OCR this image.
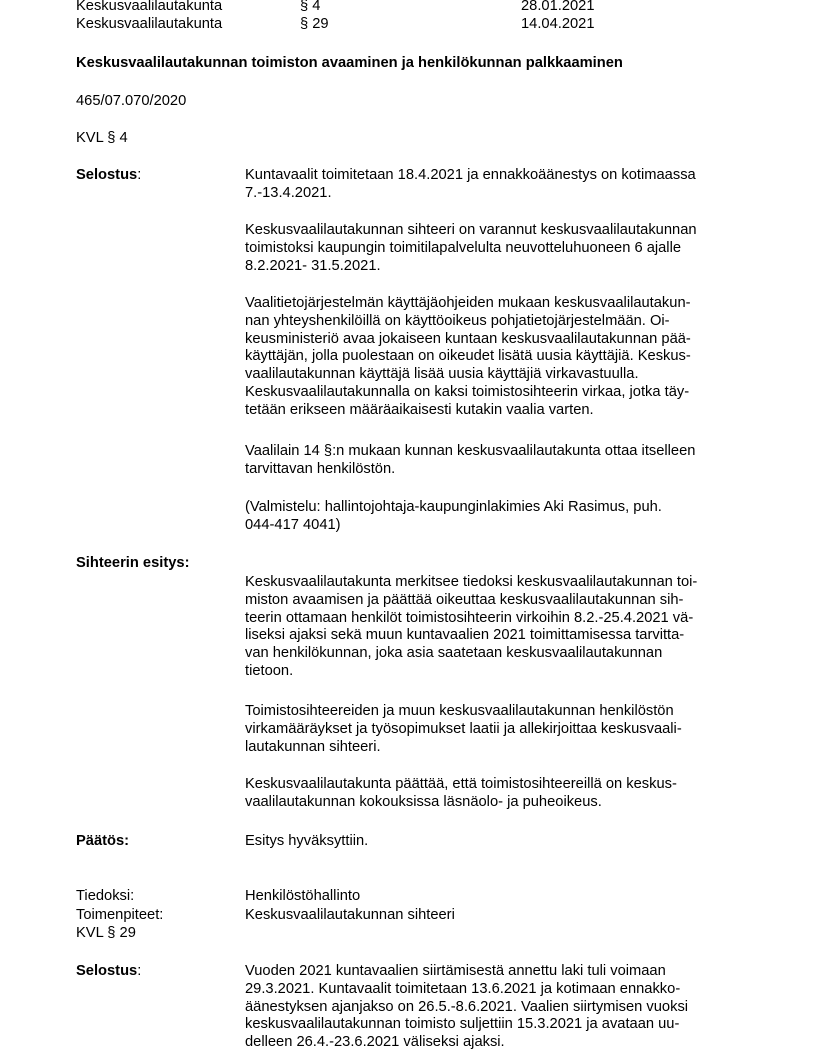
Keskusvaalilautakunta	§ 4	28.01.2021
Keskusvaalilautakunta	§ 29	14.04.2021
Keskusvaalilautakunnan toimiston avaaminen ja henkilökunnan palkkaaminen
465/07.070/2020
KVL § 4
Selostus:	Kuntavaalit toimitetaan 18.4.2021 ja ennakkoäänestys on kotimaassa
7.-13.4.2021.
Keskusvaalilautakunnan sihteeri on varannut keskusvaalilautakunnan
toimistoksi kaupungin toimitilapalvelulta neuvotteluhuoneen 6 ajalle
8.2.2021- 31.5.2021.
Vaalitietojärjestelmän käyttäjäohjeiden mukaan keskusvaalilautakun-
nan yhteyshenkilöillä on käyttöoikeus pohjatietojärjestelmään. Oi-
keusministeriö avaa jokaiseen kuntaan keskusvaalilautakunnan pää-
käyttäjän, jolla puolestaan on oikeudet lisätä uusia käyttäjiä. Keskus-
vaalilautakunnan käyttäjä lisää uusia käyttäjiä virkavastuulla.
Keskusvaalilautakunnalla on kaksi toimistosihteerin virkaa, jotka täy-
tetään erikseen määräaikaisesti kutakin vaalia varten.
Vaalilain 14 §:n mukaan kunnan keskusvaalilautakunta ottaa itselleen
tarvittavan henkilöstön.
(Valmistelu: hallintojohtaja-kaupunginlakimies Aki Rasimus, puh.
044-417 4041)
Sihteerin esitys:
Keskusvaalilautakunta merkitsee tiedoksi keskusvaalilautakunnan toi-
miston avaamisen ja päättää oikeuttaa keskusvaalilautakunnan sih-
teerin ottamaan henkilöt toimistosihteerin virkoihin 8.2.-25.4.2021 vä-
liseksi ajaksi sekä muun kuntavaalien 2021 toimittamisessa tarvitta-
van henkilökunnan, joka asia saatetaan keskusvaalilautakunnan
tietoon.
Toimistosihteereiden ja muun keskusvaalilautakunnan henkilöstön
virkamääräykset ja työsopimukset laatii ja allekirjoittaa keskusvaali-
lautakunnan sihteeri.
Keskusvaalilautakunta päättää, että toimistosihteereillä on keskus-
vaalilautakunnan kokouksissa läsnäolo- ja puheoikeus.
Päätös:	Esitys hyväksyttiin.
Tiedoksi:	Henkilöstöhallinto
Toimenpiteet:	Keskusvaalilautakunnan sihteeri
KVL § 29
Selostus:	Vuoden 2021 kuntavaalien siirtämisestä annettu laki tuli voimaan
29.3.2021. Kuntavaalit toimitetaan 13.6.2021 ja kotimaan ennakko-
äänestyksen ajanjakso on 26.5.-8.6.2021. Vaalien siirtymisen vuoksi
keskusvaalilautakunnan toimisto suljettiin 15.3.2021 ja avataan uu-
delleen 26.4.-23.6.2021 väliseksi ajaksi.
